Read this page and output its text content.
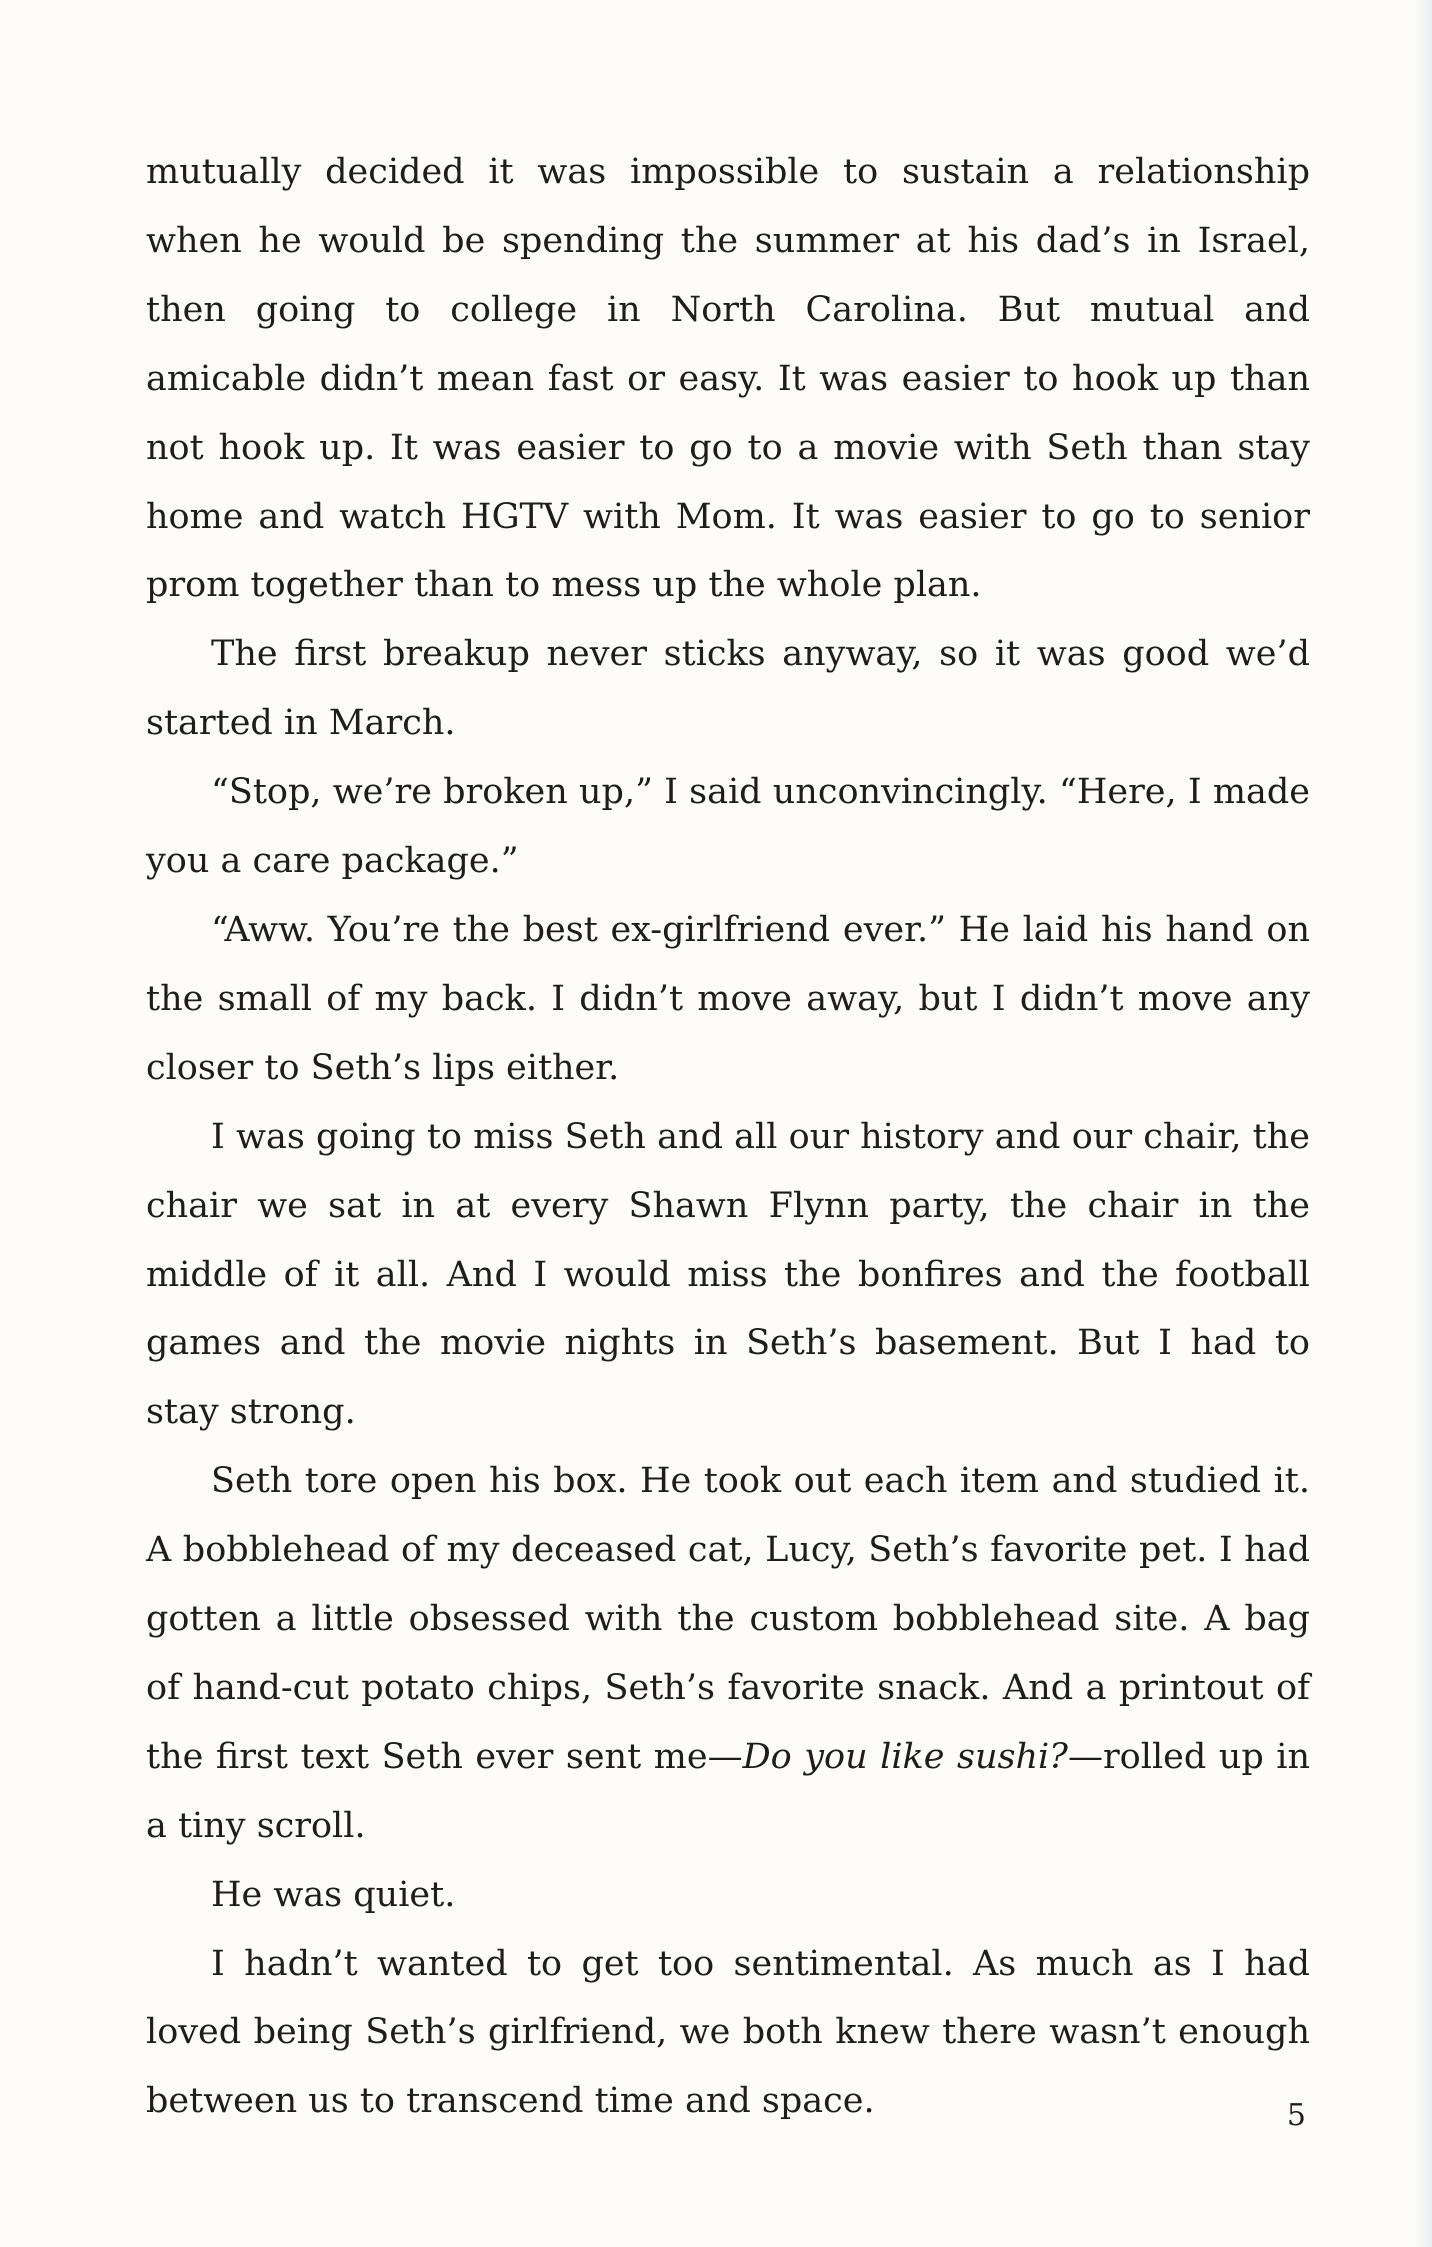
mutually decided it was impossible to sustain a relationship when he would be spending the summer at his dad’s in Israel, then going to college in North Carolina. But mutual and amicable didn’t mean fast or easy. It was easier to hook up than not hook up. It was easier to go to a movie with Seth than stay home and watch HGTV with Mom. It was easier to go to senior prom together than to mess up the whole plan.

The first breakup never sticks anyway, so it was good we’d started in March.

“Stop, we’re broken up,” I said unconvincingly. “Here, I made you a care package.”

“Aww. You’re the best ex-girlfriend ever.” He laid his hand on the small of my back. I didn’t move away, but I didn’t move any closer to Seth’s lips either.

I was going to miss Seth and all our history and our chair, the chair we sat in at every Shawn Flynn party, the chair in the middle of it all. And I would miss the bonfires and the football games and the movie nights in Seth’s basement. But I had to stay strong.

Seth tore open his box. He took out each item and studied it. A bobblehead of my deceased cat, Lucy, Seth’s favorite pet. I had gotten a little obsessed with the custom bobblehead site. A bag of hand-cut potato chips, Seth’s favorite snack. And a printout of the first text Seth ever sent me—Do you like sushi?—rolled up in a tiny scroll.

He was quiet.

I hadn’t wanted to get too sentimental. As much as I had loved being Seth’s girlfriend, we both knew there wasn’t enough between us to transcend time and space.	5
